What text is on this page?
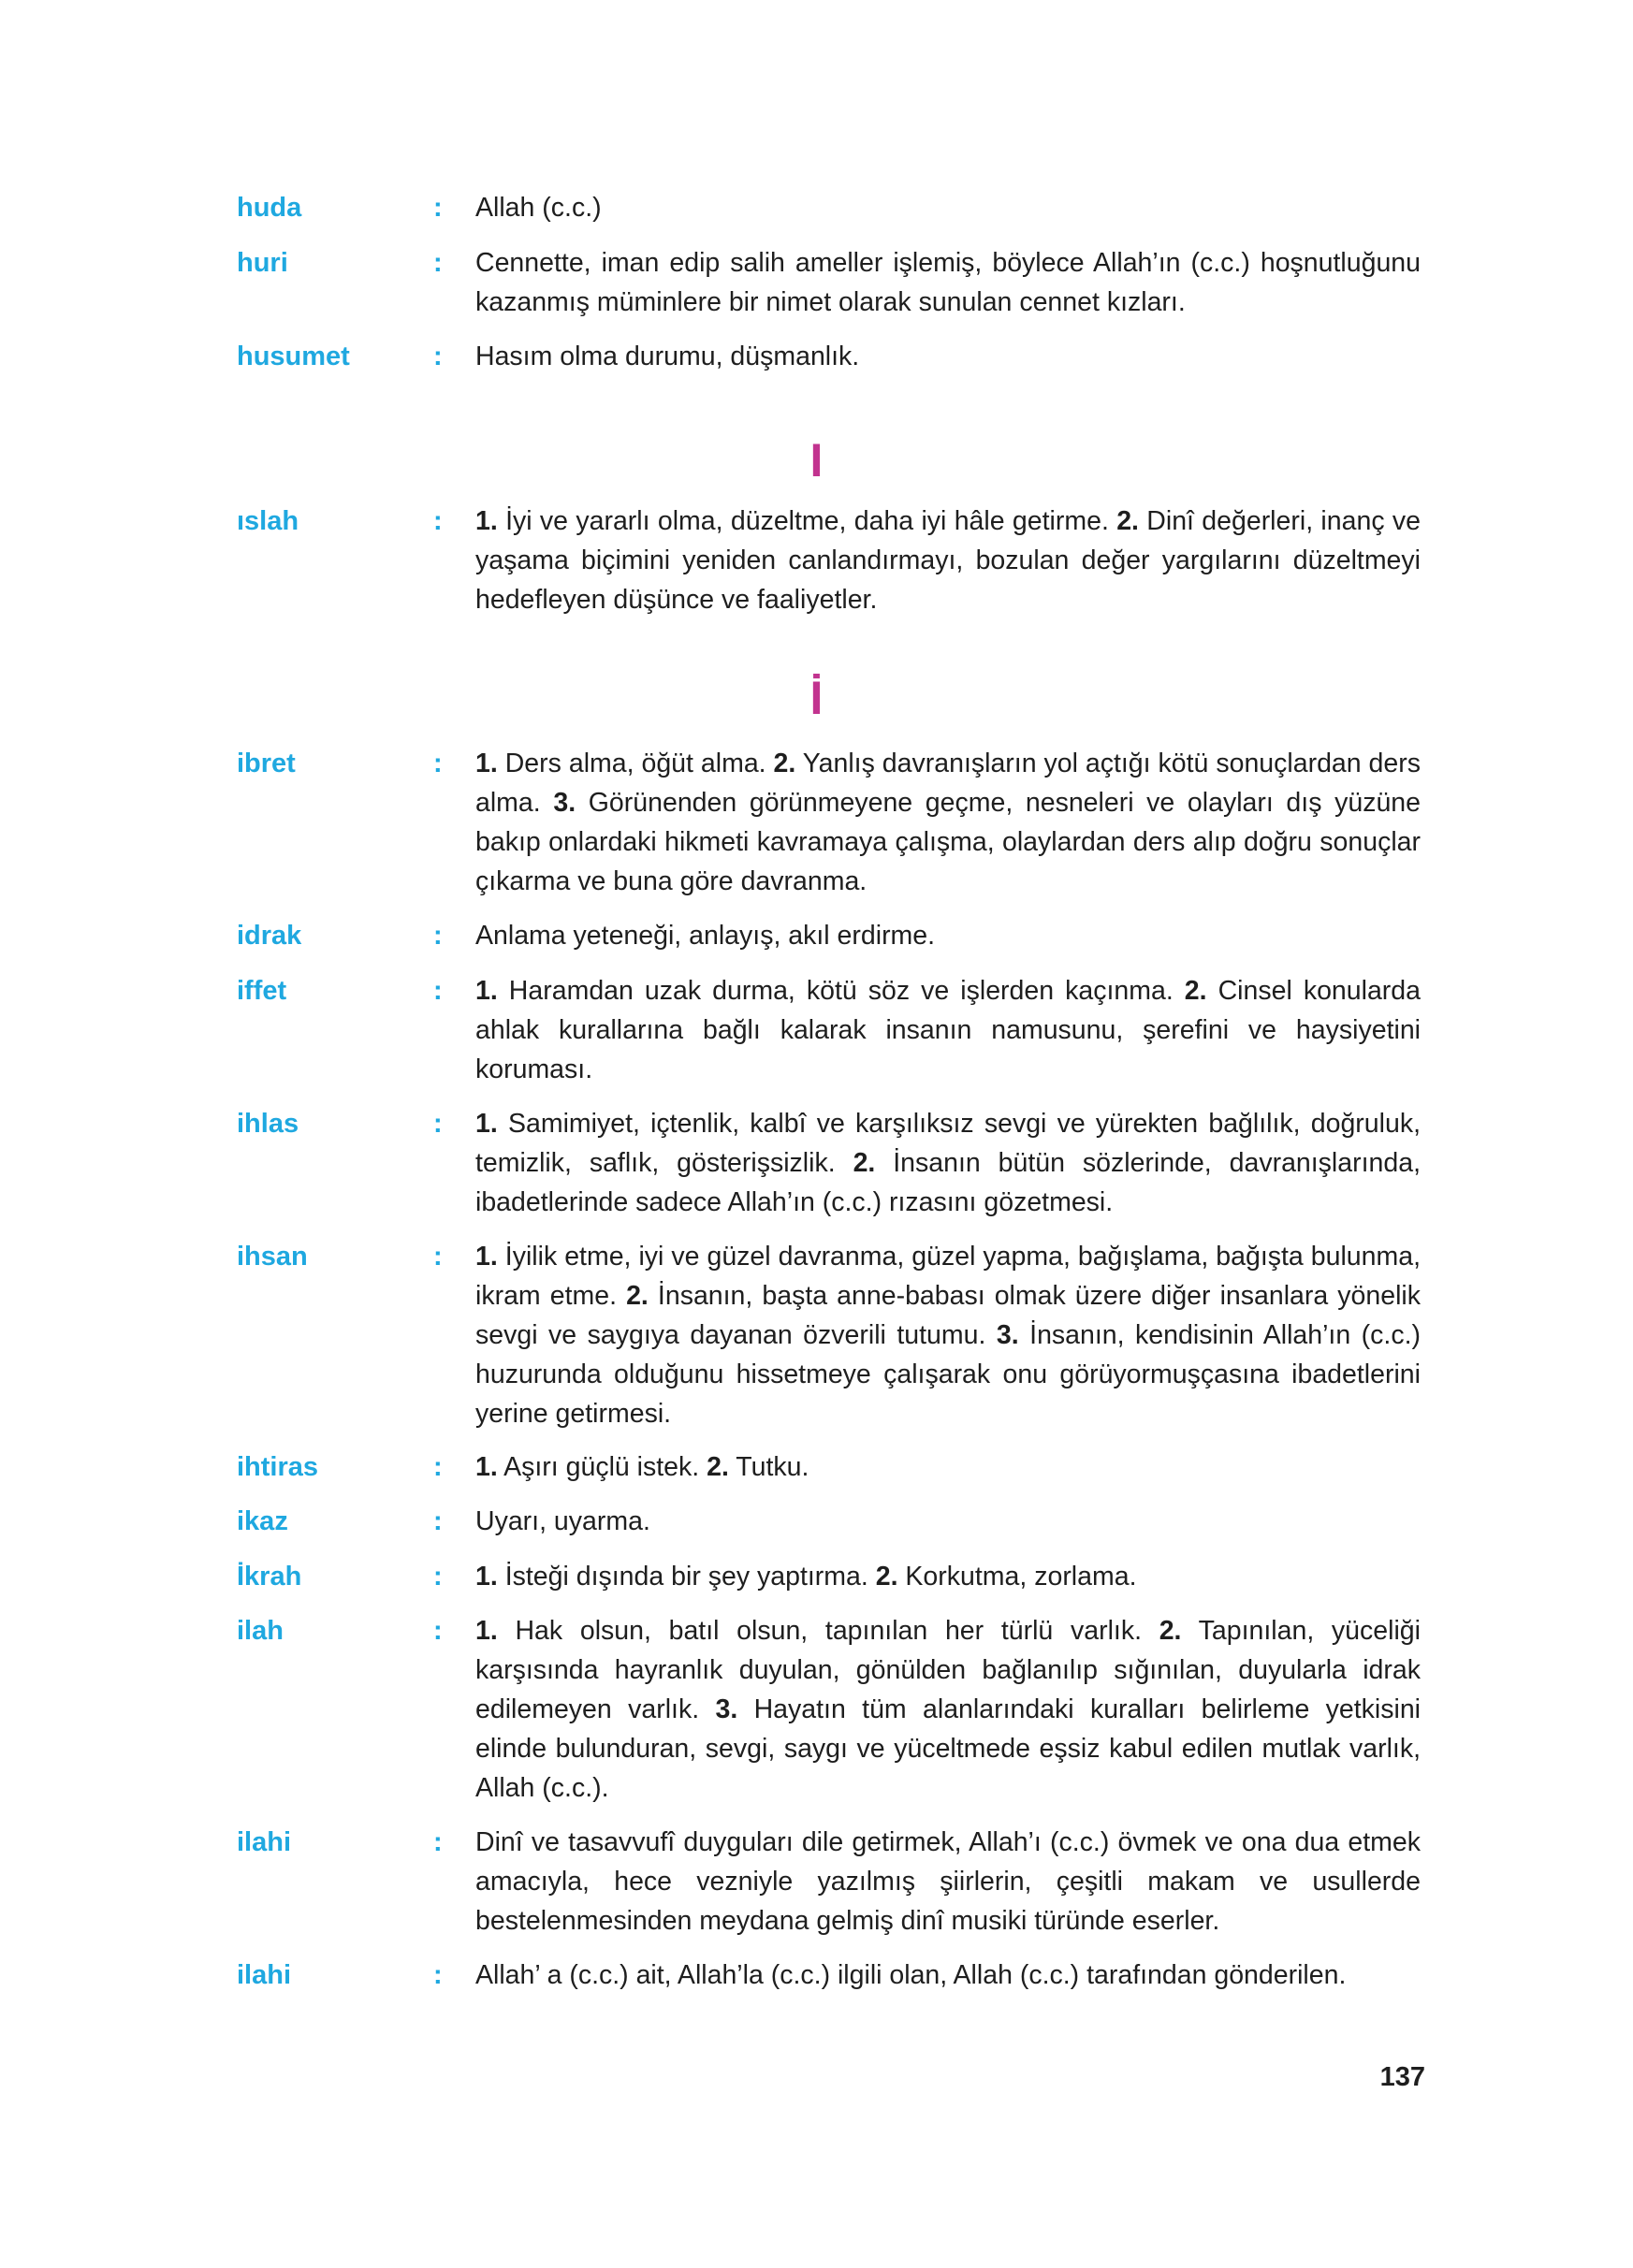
huda	: Allah (c.c.)
huri	: Cennette, iman edip salih ameller işlemiş, böylece Allah’ın (c.c.) hoşnutluğunu kazanmış müminlere bir nimet olarak sunulan cennet kızları.
husumet	: Hasım olma durumu, düşmanlık.
I
ıslah	: 1. İyi ve yararlı olma, düzeltme, daha iyi hâle getirme. 2. Dinî değerleri, inanç ve yaşama biçimini yeniden canlandırmayı, bozulan değer yargılarını düzeltmeyi hedefleyen düşünce ve faaliyetler.
İ
ibret	: 1. Ders alma, öğüt alma. 2. Yanlış davranışların yol açtığı kötü sonuçlardan ders alma. 3. Görünenden görünmeyene geçme, nesneleri ve olayları dış yüzüne bakıp onlardaki hikmeti kavramaya çalışma, olaylardan ders alıp doğru sonuçlar çıkarma ve buna göre davranma.
idrak	: Anlama yeteneği, anlayış, akıl erdirme.
iffet	: 1. Haramdan uzak durma, kötü söz ve işlerden kaçınma. 2. Cinsel konularda ahlak kurallarına bağlı kalarak insanın namusunu, şerefini ve haysiyetini koruması.
ihlas	: 1. Samimiyet, içtenlik, kalbî ve karşılıksız sevgi ve yürekten bağlılık, doğruluk, temizlik, saflık, gösterişsizlik. 2. İnsanın bütün sözlerinde, davranışlarında, ibadetlerinde sadece Allah’ın (c.c.) rızasını gözetmesi.
ihsan	: 1. İyilik etme, iyi ve güzel davranma, güzel yapma, bağışlama, bağışta bulunma, ikram etme. 2. İnsanın, başta anne-babası olmak üzere diğer insanlara yönelik sevgi ve saygıya dayanan özverili tutumu. 3. İnsanın, kendisinin Allah’ın (c.c.) huzurunda olduğunu hissetmeye çalışarak onu görüyormuşçasına ibadetlerini yerine getirmesi.
ihtiras	: 1. Aşırı güçlü istek. 2. Tutku.
ikaz	: Uyarı, uyarma.
İkrah	: 1. İsteği dışında bir şey yaptırma. 2. Korkutma, zorlama.
ilah	: 1. Hak olsun, batıl olsun, tapınılan her türlü varlık. 2. Tapınılan, yüceliği karşısında hayranlık duyulan, gönülden bağlanılıp sığınılan, duyularla idrak edilemeyen varlık. 3. Hayatın tüm alanlarındaki kuralları belirleme yetkisini elinde bulunduran, sevgi, saygı ve yüceltmede eşsiz kabul edilen mutlak varlık, Allah (c.c.).
ilahi	: Dinî ve tasavvufî duyguları dile getirmek, Allah’ı (c.c.) övmek ve ona dua etmek amacıyla, hece vezniyle yazılmış şiirlerin, çeşitli makam ve usullerde bestelenmesinden meydana gelmiş dinî musiki türünde eserler.
ilahi	: Allah’ a (c.c.) ait, Allah’la (c.c.) ilgili olan, Allah (c.c.) tarafından gönderilen.
137
